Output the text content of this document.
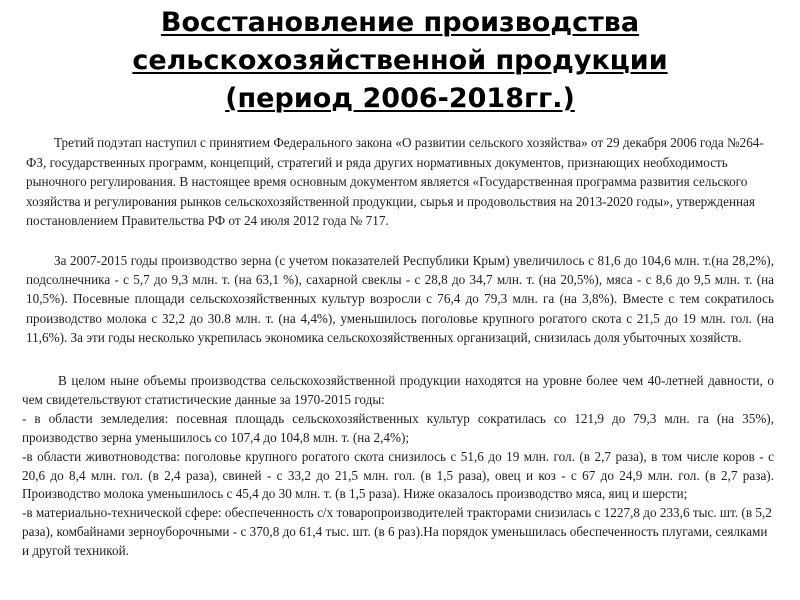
Восстановление производства
сельскохозяйственной продукции
(период 2006-2018гг.)

Третий подэтап наступил с принятием Федерального закона «О развитии сельского хозяйства» от 29 декабря 2006 года №264-ФЗ, государственных программ, концепций, стратегий и ряда других нормативных документов, признающих необходимость рыночного регулирования. В настоящее время основным документом является «Государственная программа развития сельского хозяйства и регулирования рынков сельскохозяйственной продукции, сырья и продовольствия на 2013-2020 годы», утвержденная постановлением Правительства РФ от 24 июля 2012 года № 717.

За 2007-2015 годы производство зерна (с учетом показателей Республики Крым) увеличилось с 81,6 до 104,6 млн. т.(на 28,2%), подсолнечника - с 5,7 до 9,3 млн. т. (на 63,1 %), сахарной свеклы - с 28,8 до 34,7 млн. т. (на 20,5%), мяса - с 8,6 до 9,5 млн. т. (на 10,5%). Посевные площади сельскохозяйственных культур возросли с 76,4 до 79,3 млн. га (на 3,8%). Вместе с тем сократилось производство молока с 32,2 до 30.8 млн. т. (на 4,4%), уменьшилось поголовье крупного рогатого скота с 21,5 до 19 млн. гол. (на 11,6%). За эти годы несколько укрепилась экономика сельскохозяйственных организаций, снизилась доля убыточных хозяйств.

В целом ныне объемы производства сельскохозяйственной продукции находятся на уровне более чем 40-летней давности, о чем свидетельствуют статистические данные за 1970-2015 годы:
- в области земледелия: посевная площадь сельскохозяйственных культур сократилась со 121,9 до 79,3 млн. га (на 35%), производство зерна уменьшилось со 107,4 до 104,8 млн. т. (на 2,4%);
-в области животноводства: поголовье крупного рогатого скота снизилось с 51,6 до 19 млн. гол. (в 2,7 раза), в том числе коров - с 20,6 до 8,4 млн. гол. (в 2,4 раза), свиней - с 33,2 до 21,5 млн. гол. (в 1,5 раза), овец и коз - с 67 до 24,9 млн. гол. (в 2,7 раза). Производство молока уменьшилось с 45,4 до 30 млн. т. (в 1,5 раза). Ниже оказалось производство мяса, яиц и шерсти;
-в материально-технической сфере: обеспеченность с/х товаропроизводителей тракторами снизилась с 1227,8 до 233,6 тыс. шт. (в 5,2 раза), комбайнами зерноуборочными - с 370,8 до 61,4 тыс. шт. (в 6 раз).На порядок уменьшилась обеспеченность плугами, сеялками и другой техникой.
